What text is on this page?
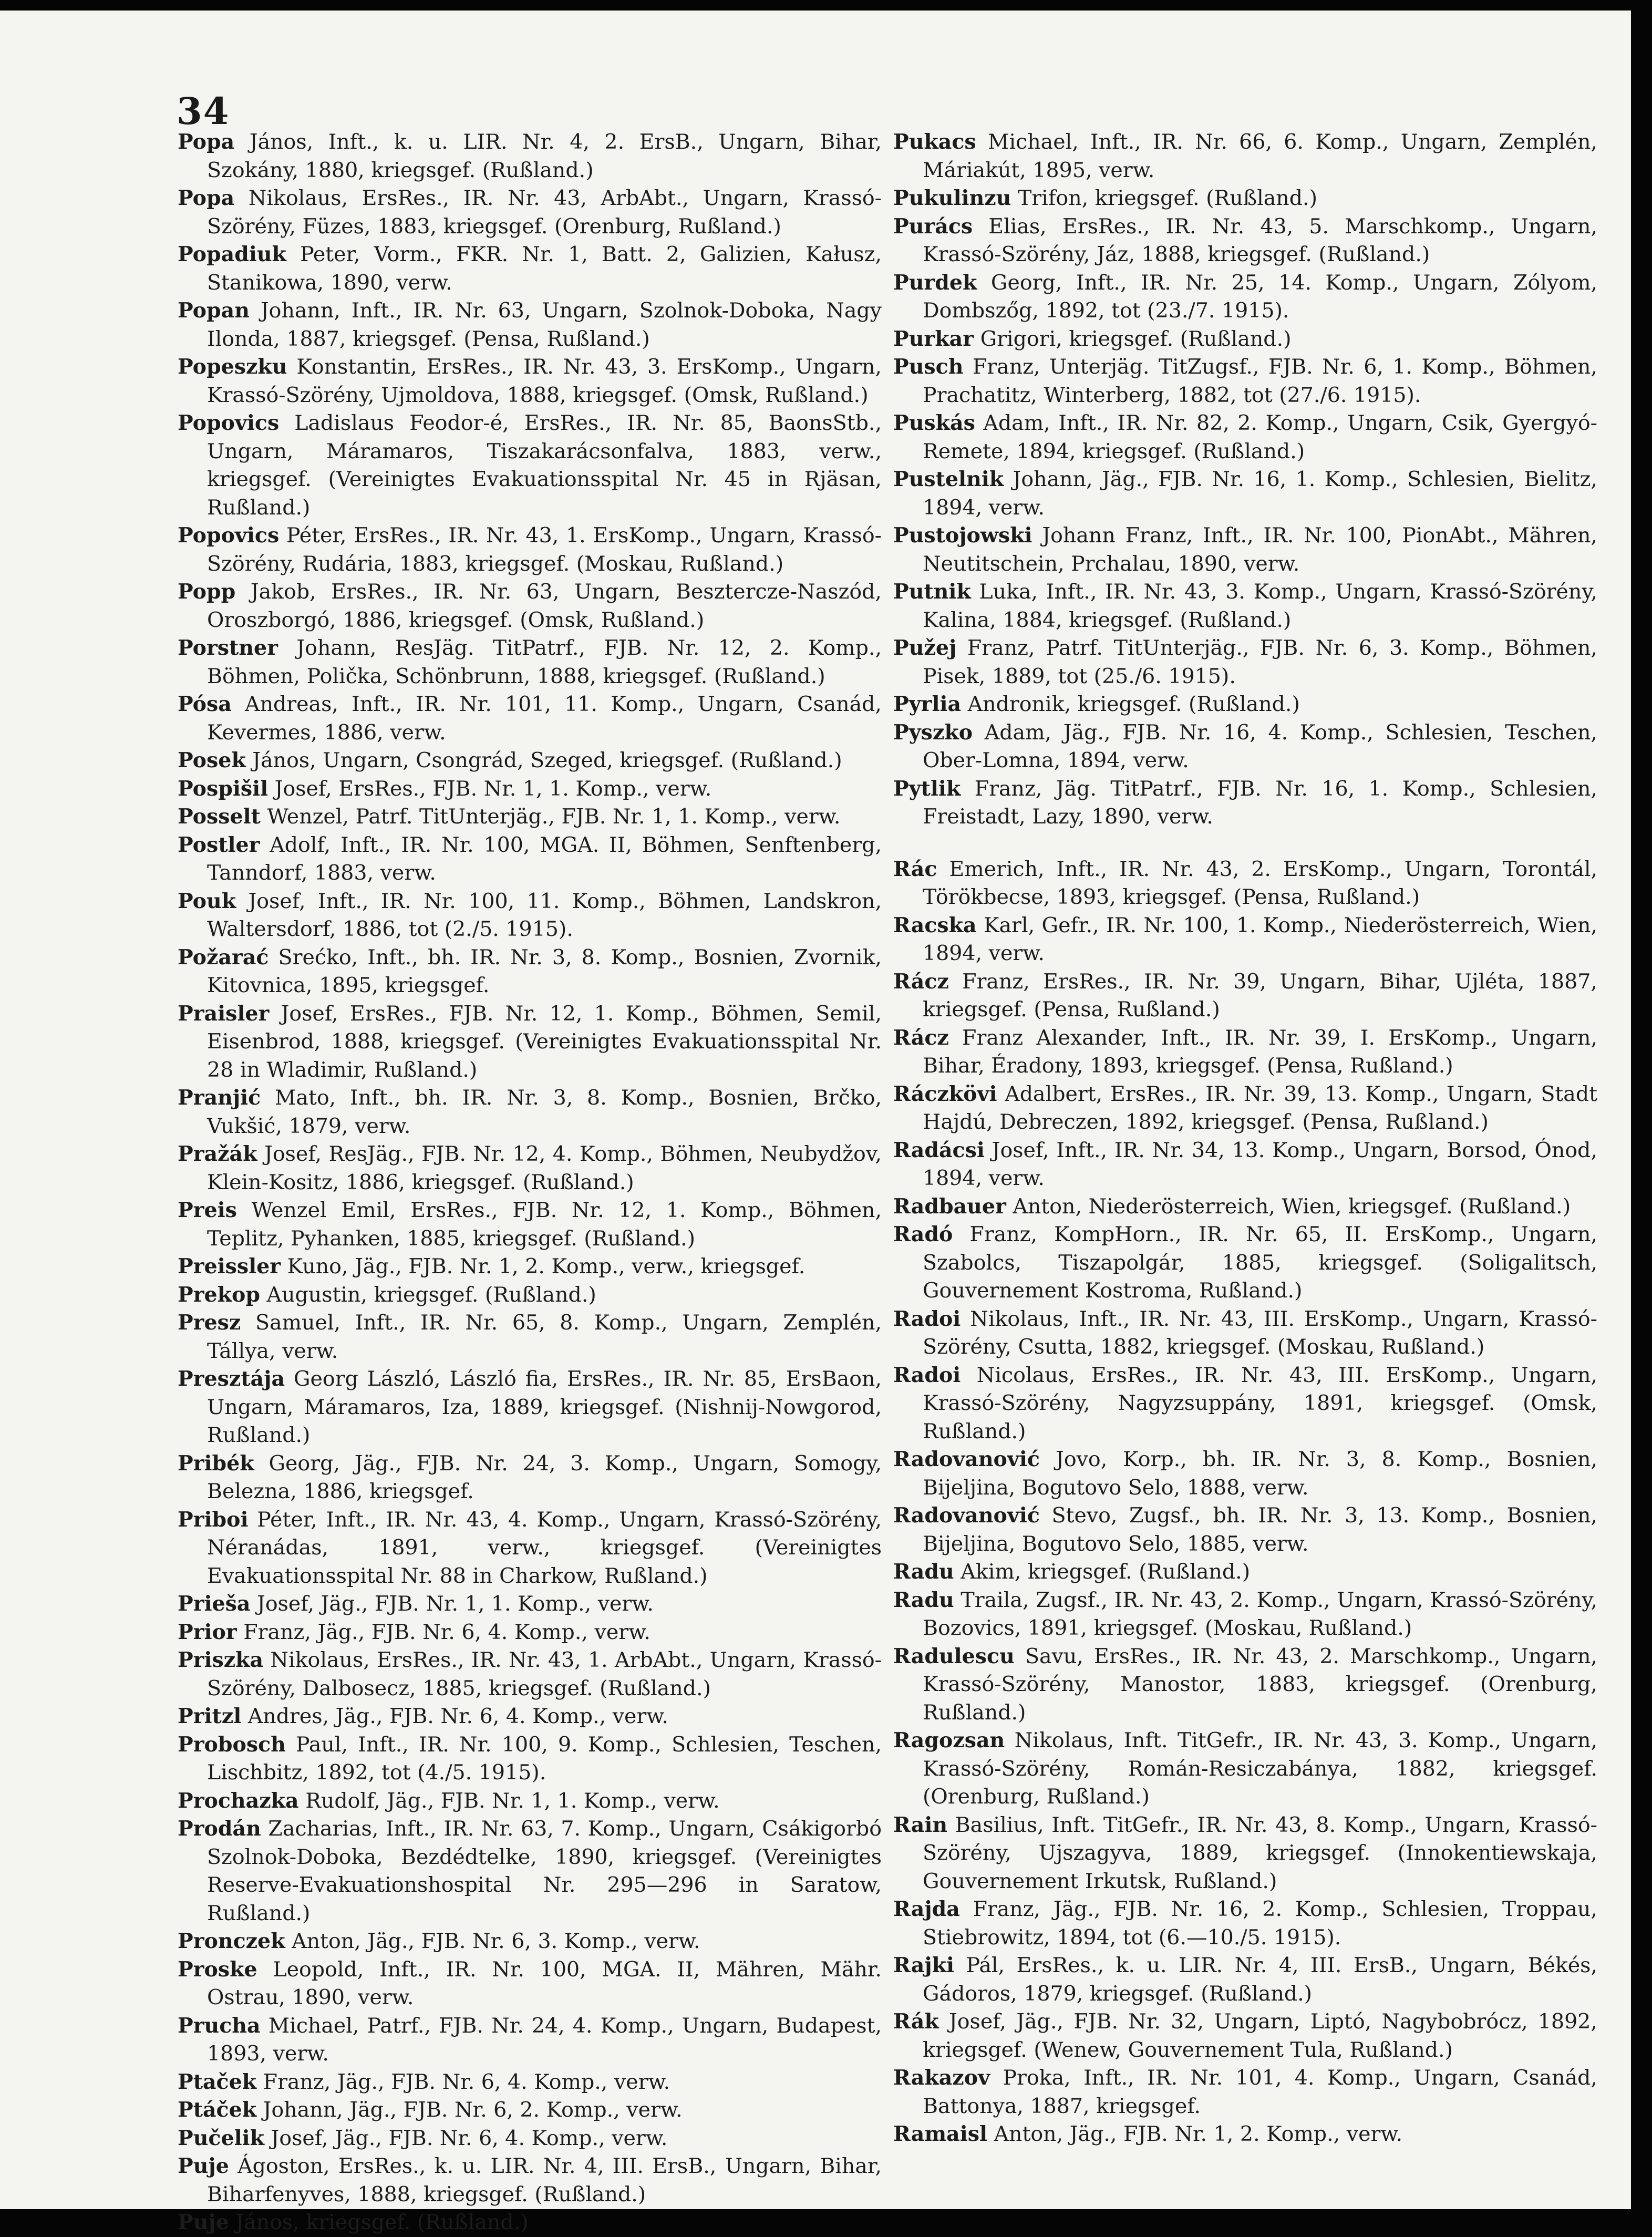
34

Popa János, Inft., k. u. LIR. Nr. 4, 2. ErsB., Ungarn, Bihar, Szokány, 1880, kriegsgef. (Rußland.)

Popa Nikolaus, ErsRes., IR. Nr. 43, ArbAbt., Ungarn, Krassó-Szörény, Füzes, 1883, kriegsgef. (Orenburg, Rußland.)

Popadiuk Peter, Vorm., FKR. Nr. 1, Batt. 2, Galizien, Kałusz, Stanikowa, 1890, verw.

Popan Johann, Inft., IR. Nr. 63, Ungarn, Szolnok-Doboka, Nagy Ilonda, 1887, kriegsgef. (Pensa, Rußland.)

Popeszku Konstantin, ErsRes., IR. Nr. 43, 3. ErsKomp., Ungarn, Krassó-Szörény, Ujmoldova, 1888, kriegsgef. (Omsk, Rußland.)

Popovics Ladislaus Feodor-é, ErsRes., IR. Nr. 85, BaonsStb., Ungarn, Máramaros, Tiszakarácsonfalva, 1883, verw., kriegsgef. (Vereinigtes Evakuationsspital Nr. 45 in Rjäsan, Rußland.)

Popovics Péter, ErsRes., IR. Nr. 43, 1. ErsKomp., Ungarn, Krassó-Szörény, Rudária, 1883, kriegsgef. (Moskau, Rußland.)

Popp Jakob, ErsRes., IR. Nr. 63, Ungarn, Besztercze-Naszód, Oroszborgó, 1886, kriegsgef. (Omsk, Rußland.)

Porstner Johann, ResJäg. TitPatrf., FJB. Nr. 12, 2. Komp., Böhmen, Polička, Schönbrunn, 1888, kriegsgef. (Rußland.)

Pósa Andreas, Inft., IR. Nr. 101, 11. Komp., Ungarn, Csanád, Kevermes, 1886, verw.

Posek János, Ungarn, Csongrád, Szeged, kriegsgef. (Rußland.)

Pospišil Josef, ErsRes., FJB. Nr. 1, 1. Komp., verw.

Posselt Wenzel, Patrf. TitUnterjäg., FJB. Nr. 1, 1. Komp., verw.

Postler Adolf, Inft., IR. Nr. 100, MGA. II, Böhmen, Senftenberg, Tanndorf, 1883, verw.

Pouk Josef, Inft., IR. Nr. 100, 11. Komp., Böhmen, Landskron, Waltersdorf, 1886, tot (2./5. 1915).

Požarać Srećko, Inft., bh. IR. Nr. 3, 8. Komp., Bosnien, Zvornik, Kitovnica, 1895, kriegsgef.

Praisler Josef, ErsRes., FJB. Nr. 12, 1. Komp., Böhmen, Semil, Eisenbrod, 1888, kriegsgef. (Vereinigtes Evakuationsspital Nr. 28 in Wladimir, Rußland.)

Pranjić Mato, Inft., bh. IR. Nr. 3, 8. Komp., Bosnien, Brčko, Vukšić, 1879, verw.

Pražák Josef, ResJäg., FJB. Nr. 12, 4. Komp., Böhmen, Neubydžov, Klein-Kositz, 1886, kriegsgef. (Rußland.)

Preis Wenzel Emil, ErsRes., FJB. Nr. 12, 1. Komp., Böhmen, Teplitz, Pyhanken, 1885, kriegsgef. (Rußland.)

Preissler Kuno, Jäg., FJB. Nr. 1, 2. Komp., verw., kriegsgef.

Prekop Augustin, kriegsgef. (Rußland.)

Presz Samuel, Inft., IR. Nr. 65, 8. Komp., Ungarn, Zemplén, Tállya, verw.

Presztája Georg László, László fia, ErsRes., IR. Nr. 85, ErsBaon, Ungarn, Máramaros, Iza, 1889, kriegsgef. (Nishnij-Nowgorod, Rußland.)

Pribék Georg, Jäg., FJB. Nr. 24, 3. Komp., Ungarn, Somogy, Belezna, 1886, kriegsgef.

Priboi Péter, Inft., IR. Nr. 43, 4. Komp., Ungarn, Krassó-Szörény, Néranádas, 1891, verw., kriegsgef. (Vereinigtes Evakuationsspital Nr. 88 in Charkow, Rußland.)

Prieša Josef, Jäg., FJB. Nr. 1, 1. Komp., verw.

Prior Franz, Jäg., FJB. Nr. 6, 4. Komp., verw.

Priszka Nikolaus, ErsRes., IR. Nr. 43, 1. ArbAbt., Ungarn, Krassó-Szörény, Dalbosecz, 1885, kriegsgef. (Rußland.)

Pritzl Andres, Jäg., FJB. Nr. 6, 4. Komp., verw.

Probosch Paul, Inft., IR. Nr. 100, 9. Komp., Schlesien, Teschen, Lischbitz, 1892, tot (4./5. 1915).

Prochazka Rudolf, Jäg., FJB. Nr. 1, 1. Komp., verw.

Prodán Zacharias, Inft., IR. Nr. 63, 7. Komp., Ungarn, Csákigorbó Szolnok-Doboka, Bezdédtelke, 1890, kriegsgef. (Vereinigtes Reserve-Evakuationshospital Nr. 295—296 in Saratow, Rußland.)

Pronczek Anton, Jäg., FJB. Nr. 6, 3. Komp., verw.

Proske Leopold, Inft., IR. Nr. 100, MGA. II, Mähren, Mähr. Ostrau, 1890, verw.

Prucha Michael, Patrf., FJB. Nr. 24, 4. Komp., Ungarn, Budapest, 1893, verw.

Ptaček Franz, Jäg., FJB. Nr. 6, 4. Komp., verw.

Ptáček Johann, Jäg., FJB. Nr. 6, 2. Komp., verw.

Pučelik Josef, Jäg., FJB. Nr. 6, 4. Komp., verw.

Puje Ágoston, ErsRes., k. u. LIR. Nr. 4, III. ErsB., Ungarn, Bihar, Biharfenyves, 1888, kriegsgef. (Rußland.)

Puje János, kriegsgef. (Rußland.)

Pukacs Michael, Inft., IR. Nr. 66, 6. Komp., Ungarn, Zemplén, Máriakút, 1895, verw.

Pukulinzu Trifon, kriegsgef. (Rußland.)

Purács Elias, ErsRes., IR. Nr. 43, 5. Marschkomp., Ungarn, Krassó-Szörény, Jáz, 1888, kriegsgef. (Rußland.)

Purdek Georg, Inft., IR. Nr. 25, 14. Komp., Ungarn, Zólyom, Dombszőg, 1892, tot (23./7. 1915).

Purkar Grigori, kriegsgef. (Rußland.)

Pusch Franz, Unterjäg. TitZugsf., FJB. Nr. 6, 1. Komp., Böhmen, Prachatitz, Winterberg, 1882, tot (27./6. 1915).

Puskás Adam, Inft., IR. Nr. 82, 2. Komp., Ungarn, Csik, Gyergyó-Remete, 1894, kriegsgef. (Rußland.)

Pustelnik Johann, Jäg., FJB. Nr. 16, 1. Komp., Schlesien, Bielitz, 1894, verw.

Pustojowski Johann Franz, Inft., IR. Nr. 100, PionAbt., Mähren, Neutitschein, Prchalau, 1890, verw.

Putnik Luka, Inft., IR. Nr. 43, 3. Komp., Ungarn, Krassó-Szörény, Kalina, 1884, kriegsgef. (Rußland.)

Pužej Franz, Patrf. TitUnterjäg., FJB. Nr. 6, 3. Komp., Böhmen, Pisek, 1889, tot (25./6. 1915).

Pyrlia Andronik, kriegsgef. (Rußland.)

Pyszko Adam, Jäg., FJB. Nr. 16, 4. Komp., Schlesien, Teschen, Ober-Lomna, 1894, verw.

Pytlik Franz, Jäg. TitPatrf., FJB. Nr. 16, 1. Komp., Schlesien, Freistadt, Lazy, 1890, verw.

Rác Emerich, Inft., IR. Nr. 43, 2. ErsKomp., Ungarn, Torontál, Törökbecse, 1893, kriegsgef. (Pensa, Rußland.)

Racska Karl, Gefr., IR. Nr. 100, 1. Komp., Niederösterreich, Wien, 1894, verw.

Rácz Franz, ErsRes., IR. Nr. 39, Ungarn, Bihar, Ujléta, 1887, kriegsgef. (Pensa, Rußland.)

Rácz Franz Alexander, Inft., IR. Nr. 39, I. ErsKomp., Ungarn, Bihar, Éradony, 1893, kriegsgef. (Pensa, Rußland.)

Ráczkövi Adalbert, ErsRes., IR. Nr. 39, 13. Komp., Ungarn, Stadt Hajdú, Debreczen, 1892, kriegsgef. (Pensa, Rußland.)

Radácsi Josef, Inft., IR. Nr. 34, 13. Komp., Ungarn, Borsod, Ónod, 1894, verw.

Radbauer Anton, Niederösterreich, Wien, kriegsgef. (Rußland.)

Radó Franz, KompHorn., IR. Nr. 65, II. ErsKomp., Ungarn, Szabolcs, Tiszapolgár, 1885, kriegsgef. (Soligalitsch, Gouvernement Kostroma, Rußland.)

Radoi Nikolaus, Inft., IR. Nr. 43, III. ErsKomp., Ungarn, Krassó-Szörény, Csutta, 1882, kriegsgef. (Moskau, Rußland.)

Radoi Nicolaus, ErsRes., IR. Nr. 43, III. ErsKomp., Ungarn, Krassó-Szörény, Nagyzsuppány, 1891, kriegsgef. (Omsk, Rußland.)

Radovanović Jovo, Korp., bh. IR. Nr. 3, 8. Komp., Bosnien, Bijeljina, Bogutovo Selo, 1888, verw.

Radovanović Stevo, Zugsf., bh. IR. Nr. 3, 13. Komp., Bosnien, Bijeljina, Bogutovo Selo, 1885, verw.

Radu Akim, kriegsgef. (Rußland.)

Radu Traila, Zugsf., IR. Nr. 43, 2. Komp., Ungarn, Krassó-Szörény, Bozovics, 1891, kriegsgef. (Moskau, Rußland.)

Radulescu Savu, ErsRes., IR. Nr. 43, 2. Marschkomp., Ungarn, Krassó-Szörény, Manostor, 1883, kriegsgef. (Orenburg, Rußland.)

Ragozsan Nikolaus, Inft. TitGefr., IR. Nr. 43, 3. Komp., Ungarn, Krassó-Szörény, Román-Resiczabánya, 1882, kriegsgef. (Orenburg, Rußland.)

Rain Basilius, Inft. TitGefr., IR. Nr. 43, 8. Komp., Ungarn, Krassó-Szörény, Ujszagyva, 1889, kriegsgef. (Innokentiewskaja, Gouvernement Irkutsk, Rußland.)

Rajda Franz, Jäg., FJB. Nr. 16, 2. Komp., Schlesien, Troppau, Stiebrowitz, 1894, tot (6.—10./5. 1915).

Rajki Pál, ErsRes., k. u. LIR. Nr. 4, III. ErsB., Ungarn, Békés, Gádoros, 1879, kriegsgef. (Rußland.)

Rák Josef, Jäg., FJB. Nr. 32, Ungarn, Liptó, Nagybobrócz, 1892, kriegsgef. (Wenew, Gouvernement Tula, Rußland.)

Rakazov Proka, Inft., IR. Nr. 101, 4. Komp., Ungarn, Csanád, Battonya, 1887, kriegsgef.

Ramaisl Anton, Jäg., FJB. Nr. 1, 2. Komp., verw.
